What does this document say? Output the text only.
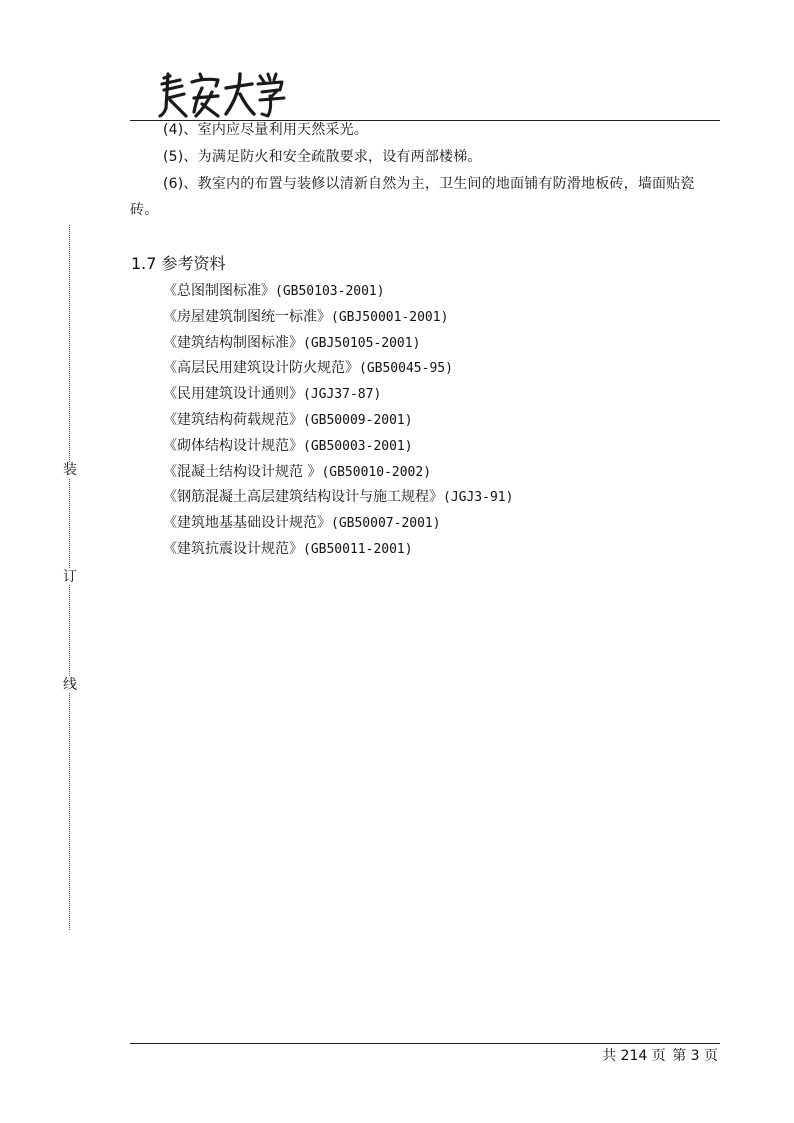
装
订
线

(4)、室内应尽量利用天然采光。

(5)、为满足防火和安全疏散要求，设有两部楼梯。

(6)、教室内的布置与装修以清新自然为主，卫生间的地面铺有防滑地板砖，墙面贴瓷砖。

1.7 参考资料
《总图制图标准》(GB50103-2001)
《房屋建筑制图统一标准》(GBJ50001-2001)
《建筑结构制图标准》(GBJ50105-2001)
《高层民用建筑设计防火规范》(GB50045-95)
《民用建筑设计通则》(JGJ37-87)
《建筑结构荷载规范》(GB50009-2001)
《砌体结构设计规范》(GB50003-2001)
《混凝土结构设计规范 》(GB50010-2002)
《钢筋混凝土高层建筑结构设计与施工规程》(JGJ3-91)
《建筑地基基础设计规范》(GB50007-2001)
《建筑抗震设计规范》(GB50011-2001)
共 214 页 第 3 页
